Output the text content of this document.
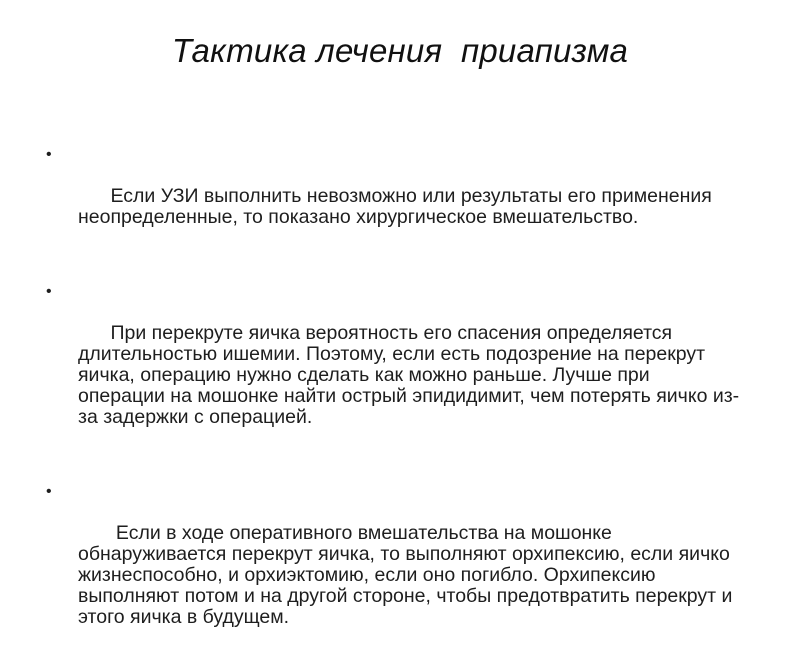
Тактика лечения  приапизма

•

Если УЗИ выполнить невозможно или результаты его применения неопределенные, то показано хирургическое вмешательство.

•

При перекруте яичка вероятность его спасения определяется длительностью ишемии. Поэтому, если есть подозрение на перекрут яичка, операцию нужно сделать как можно раньше. Лучше при операции на мошонке найти острый эпидидимит, чем потерять яичко из-за задержки с операцией.

•

Если в ходе оперативного вмешательства на мошонке обнаруживается перекрут яичка, то выполняют орхипексию, если яичко жизнеспособно, и орхиэктомию, если оно погибло. Орхипексию выполняют потом и на другой стороне, чтобы предотвратить перекрут и этого яичка в будущем.
